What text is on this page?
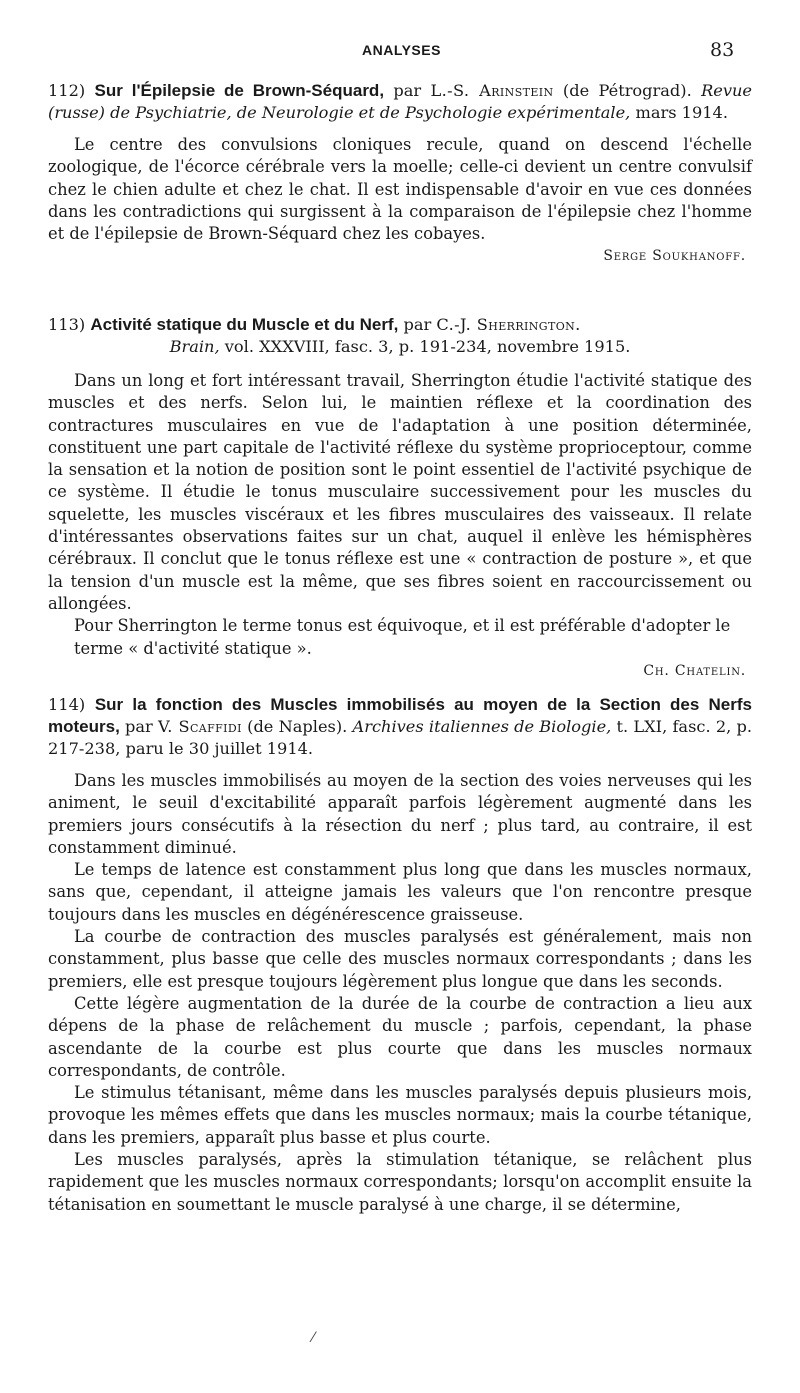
ANALYSES	83
112) Sur l'Épilepsie de Brown-Séquard, par L.-S. Arinstein (de Pétrograd). Revue (russe) de Psychiatrie, de Neurologie et de Psychologie expérimentale, mars 1914.

Le centre des convulsions cloniques recule, quand on descend l'échelle zoologique, de l'écorce cérébrale vers la moelle; celle-ci devient un centre convulsif chez le chien adulte et chez le chat. Il est indispensable d'avoir en vue ces données dans les contradictions qui surgissent à la comparaison de l'épilepsie chez l'homme et de l'épilepsie de Brown-Séquard chez les cobayes.

Serge Soukhanoff.
113) Activité statique du Muscle et du Nerf, par C.-J. Sherrington.
Brain, vol. XXXVIII, fasc. 3, p. 191-234, novembre 1915.

Dans un long et fort intéressant travail, Sherrington étudie l'activité statique des muscles et des nerfs. Selon lui, le maintien réflexe et la coordination des contractures musculaires en vue de l'adaptation à une position déterminée, constituent une part capitale de l'activité réflexe du système proprioceptour, comme la sensation et la notion de position sont le point essentiel de l'activité psychique de ce système. Il étudie le tonus musculaire successivement pour les muscles du squelette, les muscles viscéraux et les fibres musculaires des vaisseaux. Il relate d'intéressantes observations faites sur un chat, auquel il enlève les hémisphères cérébraux. Il conclut que le tonus réflexe est une « contraction de posture », et que la tension d'un muscle est la même, que ses fibres soient en raccourcissement ou allongées.

Pour Sherrington le terme tonus est équivoque, et il est préférable d'adopter le terme « d'activité statique ».
Ch. Chatelin.
114) Sur la fonction des Muscles immobilisés au moyen de la Section des Nerfs moteurs, par V. Scaffidi (de Naples). Archives italiennes de Biologie, t. LXI, fasc. 2, p. 217-238, paru le 30 juillet 1914.

Dans les muscles immobilisés au moyen de la section des voies nerveuses qui les animent, le seuil d'excitabilité apparaît parfois légèrement augmenté dans les premiers jours consécutifs à la résection du nerf ; plus tard, au contraire, il est constamment diminué.

Le temps de latence est constamment plus long que dans les muscles normaux, sans que, cependant, il atteigne jamais les valeurs que l'on rencontre presque toujours dans les muscles en dégénérescence graisseuse.

La courbe de contraction des muscles paralysés est généralement, mais non constamment, plus basse que celle des muscles normaux correspondants ; dans les premiers, elle est presque toujours légèrement plus longue que dans les seconds.

Cette légère augmentation de la durée de la courbe de contraction a lieu aux dépens de la phase de relâchement du muscle ; parfois, cependant, la phase ascendante de la courbe est plus courte que dans les muscles normaux correspondants, de contrôle.

Le stimulus tétanisant, même dans les muscles paralysés depuis plusieurs mois, provoque les mêmes effets que dans les muscles normaux; mais la courbe tétanique, dans les premiers, apparaît plus basse et plus courte.

Les muscles paralysés, après la stimulation tétanique, se relâchent plus rapidement que les muscles normaux correspondants; lorsqu'on accomplit ensuite la tétanisation en soumettant le muscle paralysé à une charge, il se détermine,

⁄
